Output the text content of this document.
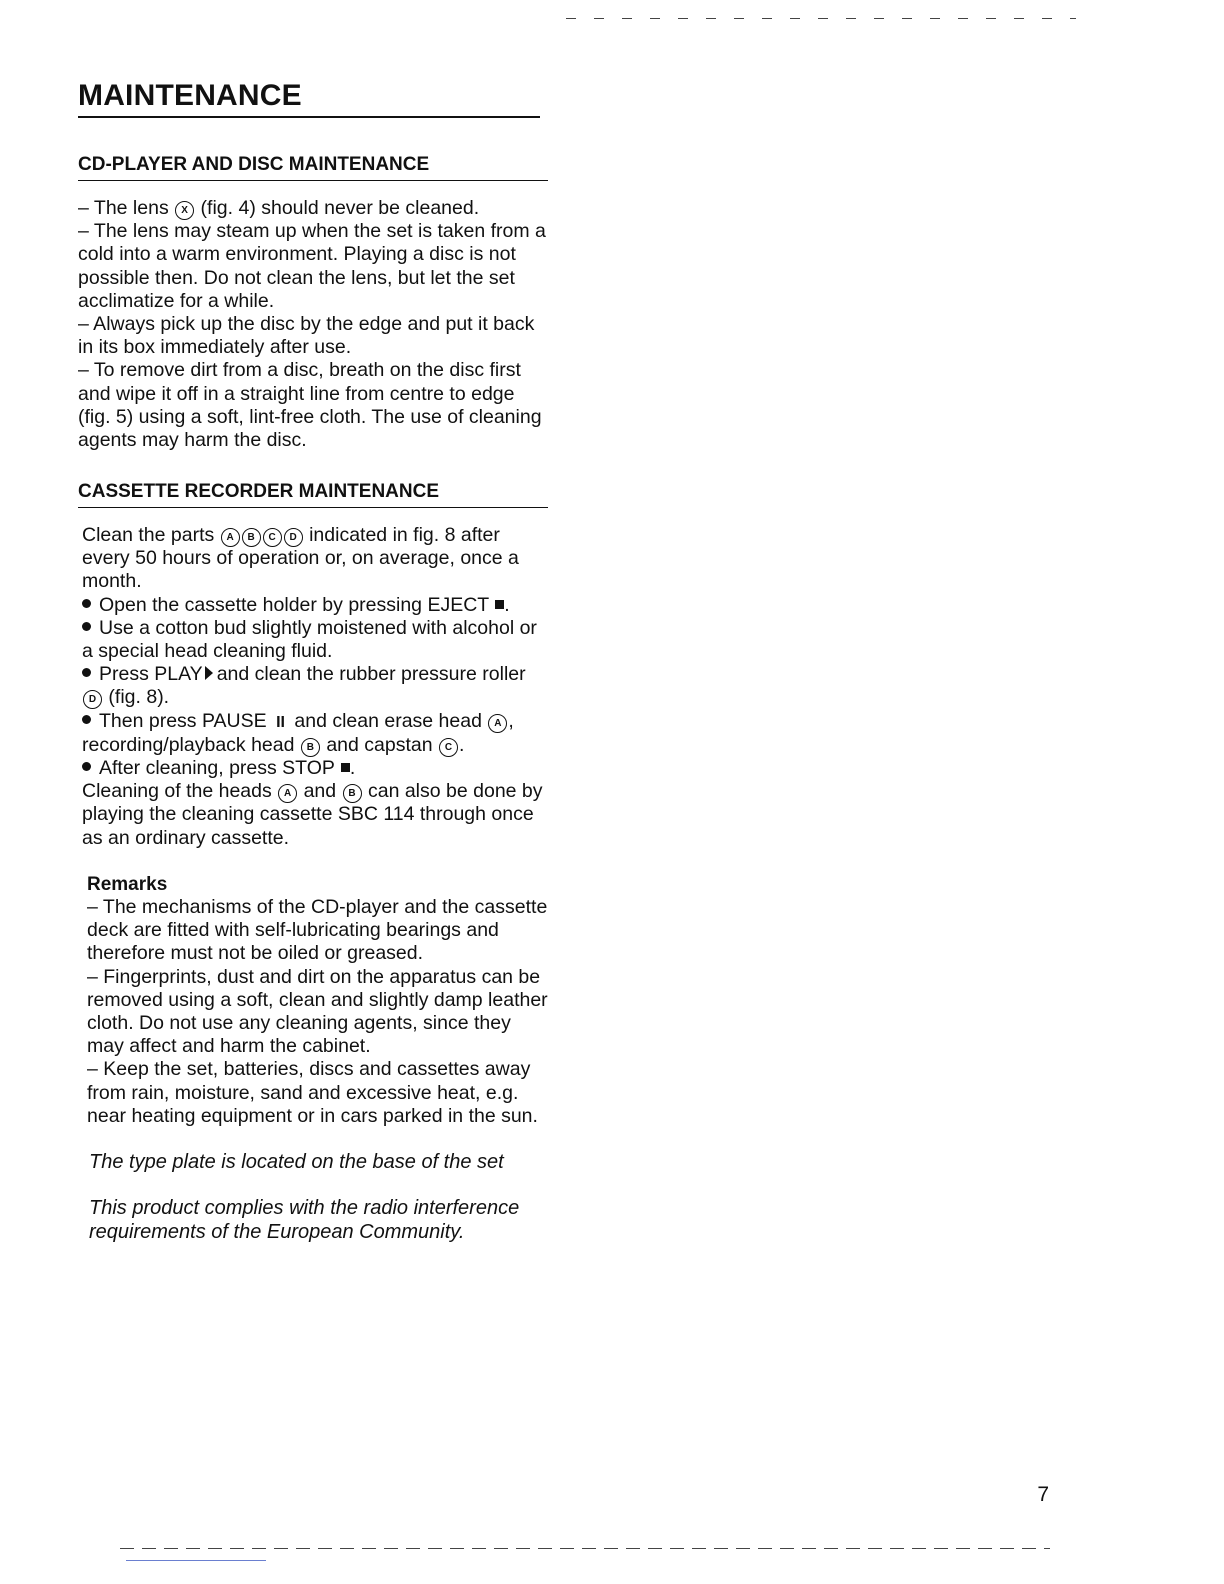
MAINTENANCE

CD-PLAYER AND DISC MAINTENANCE

– The lens X (fig. 4) should never be cleaned.

– The lens may steam up when the set is taken from a cold into a warm environment. Playing a disc is not possible then. Do not clean the lens, but let the set acclimatize for a while.

– Always pick up the disc by the edge and put it back in its box immediately after use.

– To remove dirt from a disc, breath on the disc first and wipe it off in a straight line from centre to edge (fig. 5) using a soft, lint-free cloth. The use of cleaning agents may harm the disc.

CASSETTE RECORDER MAINTENANCE

Clean the parts A B C D indicated in fig. 8 after every 50 hours of operation or, on average, once a month.

Open the cassette holder by pressing EJECT .

Use a cotton bud slightly moistened with alcohol or a special head cleaning fluid.

Press PLAY and clean the rubber pressure roller D (fig. 8).

Then press PAUSE II and clean erase head A , recording/playback head B and capstan C .

After cleaning, press STOP .

Cleaning of the heads A and B can also be done by playing the cleaning cassette SBC 114 through once as an ordinary cassette.

Remarks

– The mechanisms of the CD-player and the cassette deck are fitted with self-lubricating bearings and therefore must not be oiled or greased.

– Fingerprints, dust and dirt on the apparatus can be removed using a soft, clean and slightly damp leather cloth. Do not use any cleaning agents, since they may affect and harm the cabinet.

– Keep the set, batteries, discs and cassettes away from rain, moisture, sand and excessive heat, e.g. near heating equipment or in cars parked in the sun.

The type plate is located on the base of the set

This product complies with the radio interference requirements of the European Community.

7
